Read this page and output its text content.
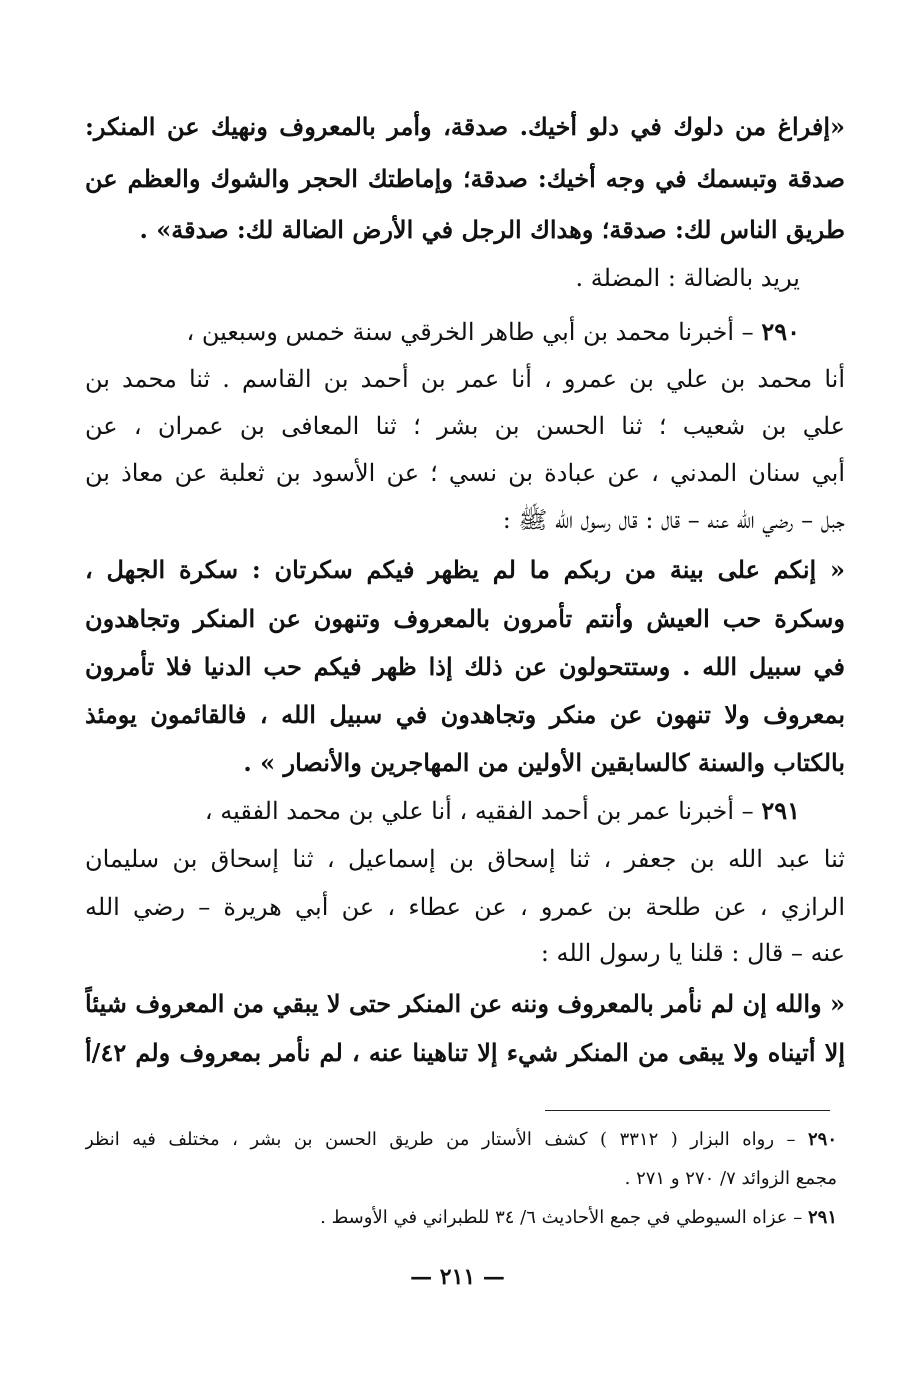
«إفراغ من دلوك في دلو أخيك. صدقة، وأمر بالمعروف ونهيك عن المنكر:
صدقة وتبسمك في وجه أخيك: صدقة؛ وإماطتك الحجر والشوك والعظم عن
طريق الناس لك: صدقة؛ وهداك الرجل في الأرض الضالة لك: صدقة» .
يريد بالضالة : المضلة .
٢٩٠ – أخبرنا محمد بن أبي طاهر الخرقي سنة خمس وسبعين ،
أنا محمد بن علي بن عمرو ، أنا عمر بن أحمد بن القاسم . ثنا محمد بن
علي بن شعيب ؛ ثنا الحسن بن بشر ؛ ثنا المعافى بن عمران ، عن
أبي سنان المدني ، عن عبادة بن نسي ؛ عن الأسود بن ثعلبة عن معاذ بن
جبل – رضي الله عنه – قال : قال رسول الله ﷺ :
« إنكم على بينة من ربكم ما لم يظهر فيكم سكرتان : سكرة الجهل ،
وسكرة حب العيش وأنتم تأمرون بالمعروف وتنهون عن المنكر وتجاهدون
في سبيل الله . وستتحولون عن ذلك إذا ظهر فيكم حب الدنيا فلا تأمرون
بمعروف ولا تنهون عن منكر وتجاهدون في سبيل الله ، فالقائمون يومئذ
بالكتاب والسنة كالسابقين الأولين من المهاجرين والأنصار » .
٢٩١ – أخبرنا عمر بن أحمد الفقيه ، أنا علي بن محمد الفقيه ،
ثنا عبد الله بن جعفر ، ثنا إسحاق بن إسماعيل ، ثنا إسحاق بن سليمان
الرازي ، عن طلحة بن عمرو ، عن عطاء ، عن أبي هريرة – رضي الله
عنه – قال : قلنا يا رسول الله :
« والله إن لم نأمر بالمعروف وننه عن المنكر حتى لا يبقي من المعروف شيئاً
إلا أتيناه ولا يبقى من المنكر شيء إلا تناهينا عنه ، لم نأمر بمعروف ولم ٤٢/أ
٢٩٠ – رواه البزار ( ٣٣١٢ ) كشف الأستار من طريق الحسن بن بشر ، مختلف فيه انظر
مجمع الزوائد ٧/ ٢٧٠ و ٢٧١ .
٢٩١ – عزاه السيوطي في جمع الأحاديث ٦/ ٣٤ للطبراني في الأوسط .
— ٢١١ —
